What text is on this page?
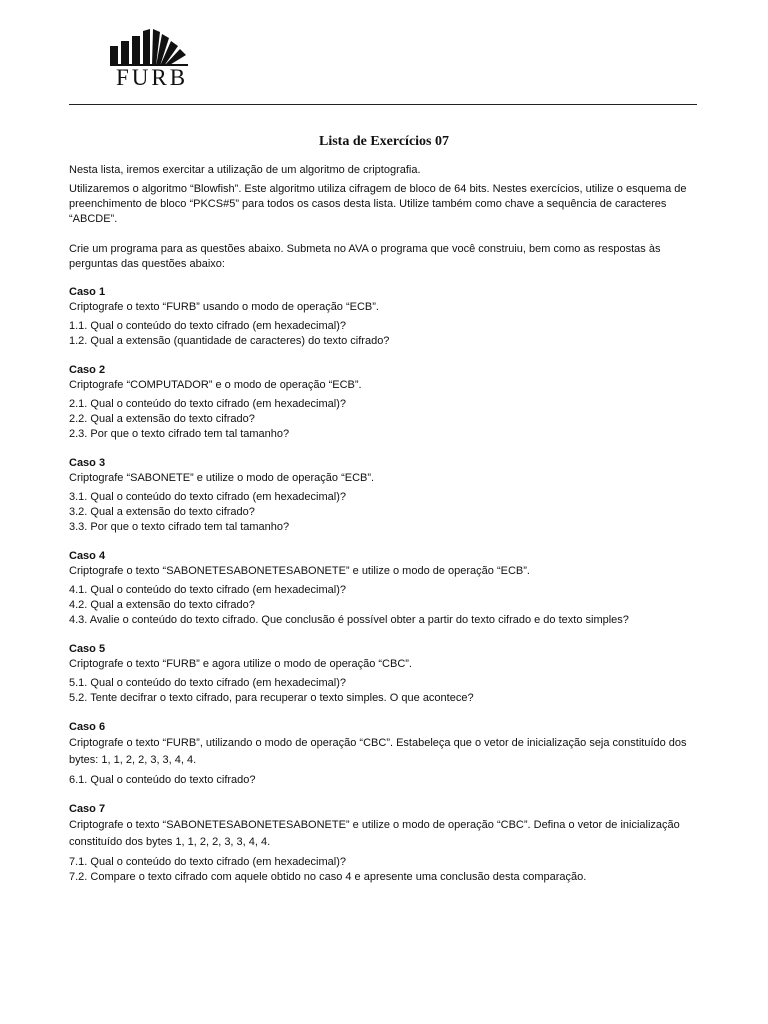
FURB
Lista de Exercícios 07

Nesta lista, iremos exercitar a utilização de um algoritmo de criptografia.

Utilizaremos o algoritmo “Blowfish”. Este algoritmo utiliza cifragem de bloco de 64 bits. Nestes exercícios, utilize o esquema de preenchimento de bloco “PKCS#5” para todos os casos desta lista. Utilize também como chave a sequência de caracteres “ABCDE”.

Crie um programa para as questões abaixo. Submeta no AVA o programa que você construiu, bem como as respostas às perguntas das questões abaixo:

Caso 1
Criptografe o texto “FURB” usando o modo de operação “ECB”.
1.1. Qual o conteúdo do texto cifrado (em hexadecimal)?
1.2. Qual a extensão (quantidade de caracteres) do texto cifrado?
Caso 2
Criptografe “COMPUTADOR” e o modo de operação “ECB”.
2.1. Qual o conteúdo do texto cifrado (em hexadecimal)?
2.2. Qual a extensão do texto cifrado?
2.3. Por que o texto cifrado tem tal tamanho?
Caso 3
Criptografe “SABONETE” e utilize o modo de operação “ECB”.
3.1. Qual o conteúdo do texto cifrado (em hexadecimal)?
3.2. Qual a extensão do texto cifrado?
3.3. Por que o texto cifrado tem tal tamanho?
Caso 4
Criptografe o texto “SABONETESABONETESABONETE” e utilize o modo de operação “ECB”.
4.1. Qual o conteúdo do texto cifrado (em hexadecimal)?
4.2. Qual a extensão do texto cifrado?
4.3. Avalie o conteúdo do texto cifrado. Que conclusão é possível obter a partir do texto cifrado e do texto simples?
Caso 5
Criptografe o texto “FURB” e agora utilize o modo de operação “CBC”.
5.1. Qual o conteúdo do texto cifrado (em hexadecimal)?
5.2. Tente decifrar o texto cifrado, para recuperar o texto simples. O que acontece?
Caso 6
Criptografe o texto “FURB”, utilizando o modo de operação “CBC”. Estabeleça que o vetor de inicialização seja constituído dos bytes: 1, 1, 2, 2, 3, 3, 4, 4.
6.1. Qual o conteúdo do texto cifrado?
Caso 7
Criptografe o texto “SABONETESABONETESABONETE” e utilize o modo de operação “CBC”. Defina o vetor de inicialização constituído dos bytes 1, 1, 2, 2, 3, 3, 4, 4.
7.1. Qual o conteúdo do texto cifrado (em hexadecimal)?
7.2. Compare o texto cifrado com aquele obtido no caso 4 e apresente uma conclusão desta comparação.
